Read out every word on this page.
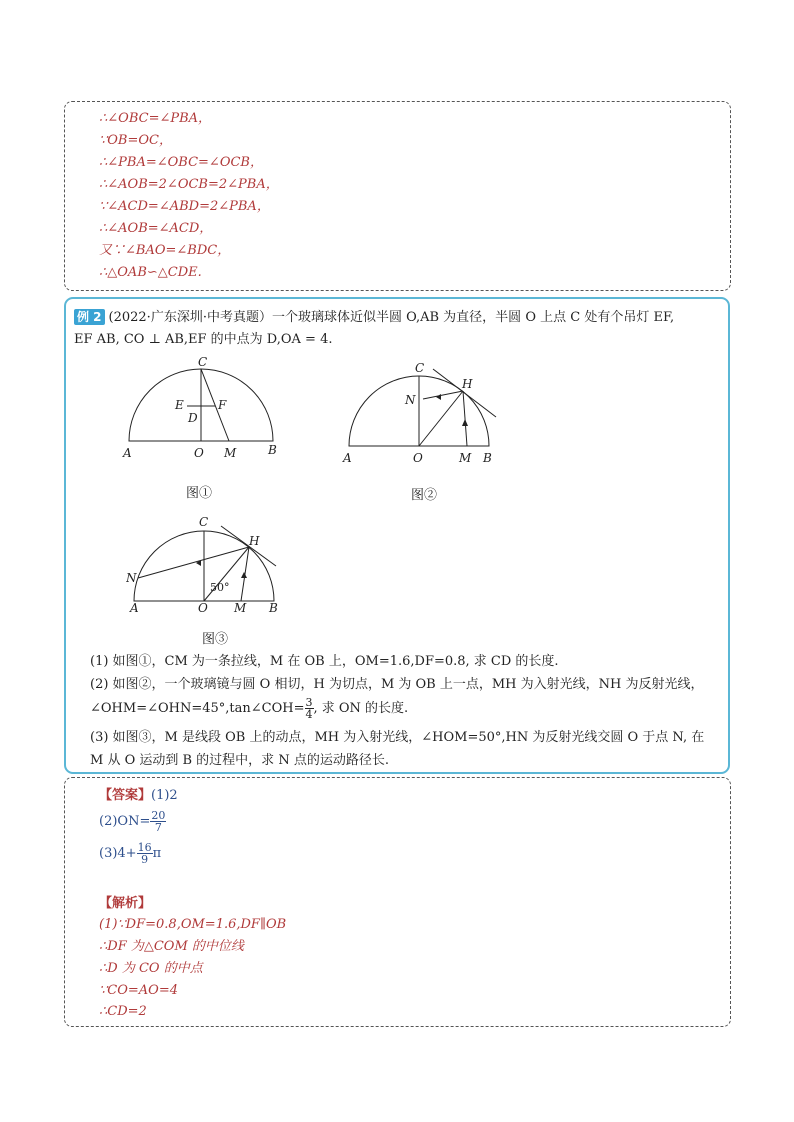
∴∠OBC=∠PBA，
∵OB=OC，
∴∠PBA=∠OBC=∠OCB，
∴∠AOB=2∠OCB=2∠PBA，
∵∠ACD=∠ABD=2∠PBA，
∴∠AOB=∠ACD，
又∵∠BAO=∠BDC，
∴△OAB∽△CDE.
例 2 (2022·广东深圳·中考真题）一个玻璃球体近似半圆 O,AB 为直径，半圆 O 上点 C 处有个吊灯 EF,
EF AB, CO ⊥ AB,EF 的中点为 D,OA = 4.
C
E	F
D
A	O M	B
图①
C
H
N
A	O	M B
图②
C
H
N
50°
A	O M B
图③
(1) 如图①，CM 为一条拉线，M 在 OB 上，OM=1.6,DF=0.8, 求 CD 的长度.
(2) 如图②，一个玻璃镜与圆 O 相切，H 为切点，M 为 OB 上一点，MH 为入射光线，NH 为反射光线，
∠OHM=∠OHN=45°,tan∠COH= $\frac{3}{4}$ , 求 ON 的长度.
(3) 如图③，M 是线段 OB 上的动点，MH 为入射光线，∠HOM=50°,HN 为反射光线交圆 O 于点 N, 在
M 从 O 运动到 B 的过程中，求 N 点的运动路径长.
【答案】(1)2
$(2)ON= \frac{20}{7}$
$(3)4+ \frac{16}{9}$ π
【解析】
(1)∵DF=0.8,OM=1.6,DF∥OB
∴DF 为△COM 的中位线
∴D 为 CO 的中点
∵CO=AO=4
∴CD=2
